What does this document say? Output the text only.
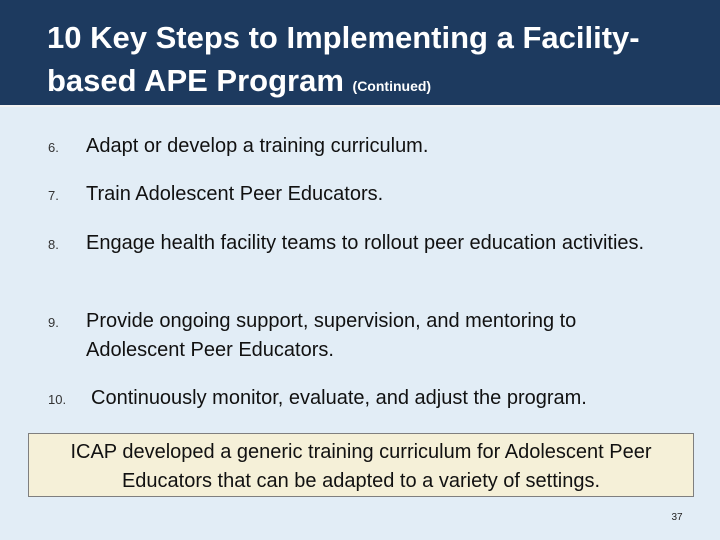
10 Key Steps to Implementing a Facility-based APE Program (Continued)
6. Adapt or develop a training curriculum.
7. Train Adolescent Peer Educators.
8. Engage health facility teams to rollout peer education activities.
9. Provide ongoing support, supervision, and mentoring to Adolescent Peer Educators.
10. Continuously monitor, evaluate, and adjust the program.
ICAP developed a generic training curriculum for Adolescent Peer Educators that can be adapted to a variety of settings.
37
